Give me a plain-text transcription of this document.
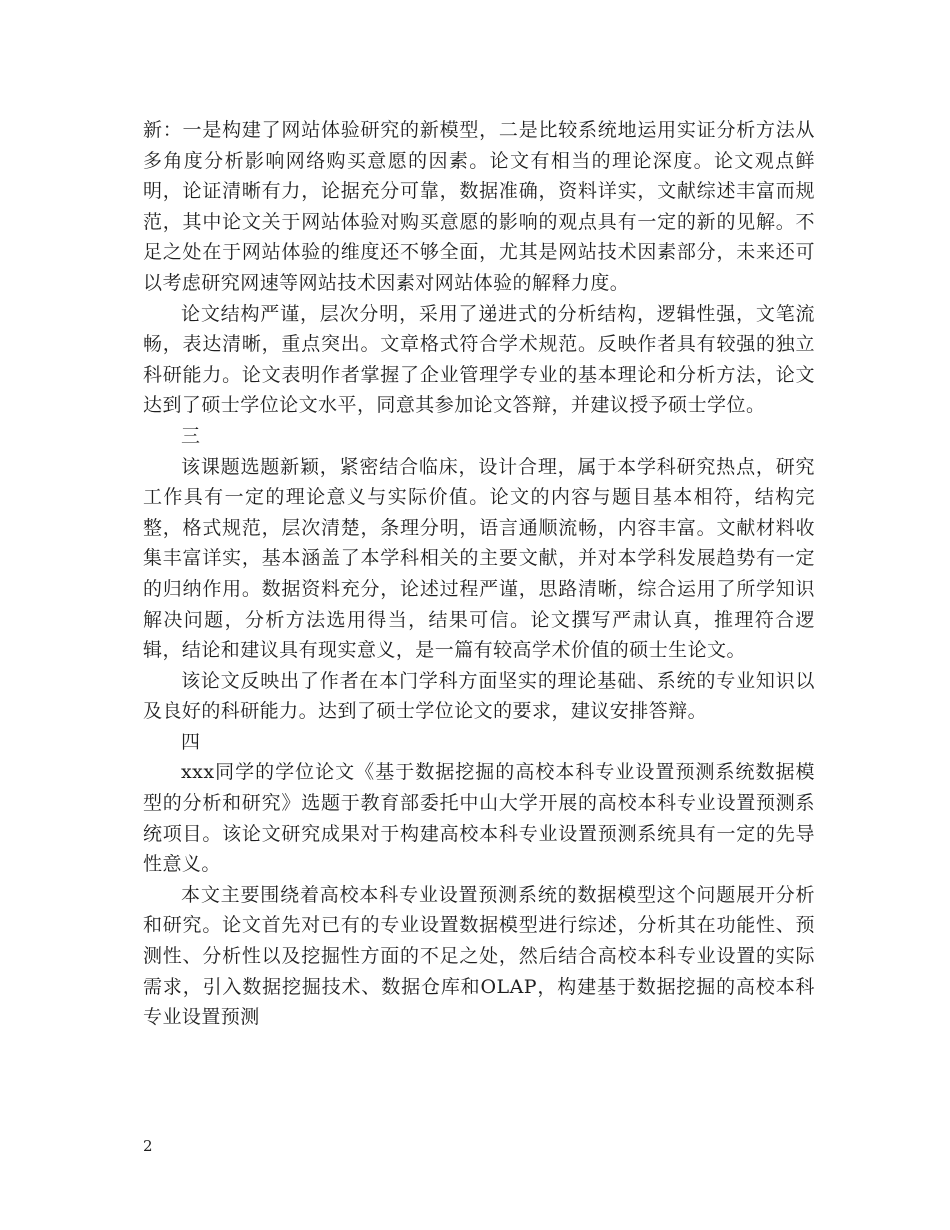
新：一是构建了网站体验研究的新模型，二是比较系统地运用实证分析方法从多角度分析影响网络购买意愿的因素。论文有相当的理论深度。论文观点鲜明，论证清晰有力，论据充分可靠，数据准确，资料详实，文献综述丰富而规范，其中论文关于网站体验对购买意愿的影响的观点具有一定的新的见解。不足之处在于网站体验的维度还不够全面，尤其是网站技术因素部分，未来还可以考虑研究网速等网站技术因素对网站体验的解释力度。

论文结构严谨，层次分明，采用了递进式的分析结构，逻辑性强，文笔流畅，表达清晰，重点突出。文章格式符合学术规范。反映作者具有较强的独立科研能力。论文表明作者掌握了企业管理学专业的基本理论和分析方法，论文达到了硕士学位论文水平，同意其参加论文答辩，并建议授予硕士学位。

三

该课题选题新颖，紧密结合临床，设计合理，属于本学科研究热点，研究工作具有一定的理论意义与实际价值。论文的内容与题目基本相符，结构完整，格式规范，层次清楚，条理分明，语言通顺流畅，内容丰富。文献材料收集丰富详实，基本涵盖了本学科相关的主要文献，并对本学科发展趋势有一定的归纳作用。数据资料充分，论述过程严谨，思路清晰，综合运用了所学知识解决问题，分析方法选用得当，结果可信。论文撰写严肃认真，推理符合逻辑，结论和建议具有现实意义，是一篇有较高学术价值的硕士生论文。

该论文反映出了作者在本门学科方面坚实的理论基础、系统的专业知识以及良好的科研能力。达到了硕士学位论文的要求，建议安排答辩。

四

xxx同学的学位论文《基于数据挖掘的高校本科专业设置预测系统数据模型的分析和研究》选题于教育部委托中山大学开展的高校本科专业设置预测系统项目。该论文研究成果对于构建高校本科专业设置预测系统具有一定的先导性意义。

本文主要围绕着高校本科专业设置预测系统的数据模型这个问题展开分析和研究。论文首先对已有的专业设置数据模型进行综述，分析其在功能性、预测性、分析性以及挖掘性方面的不足之处，然后结合高校本科专业设置的实际需求，引入数据挖掘技术、数据仓库和OLAP，构建基于数据挖掘的高校本科专业设置预测

2
